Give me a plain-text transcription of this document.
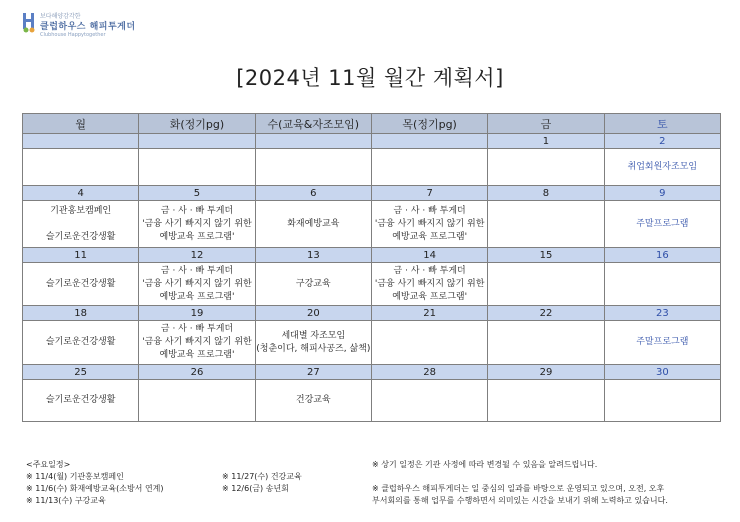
보다해양감각한
클럽하우스 해피투게더
Clubhouse Happytogether
[2024년 11월 월간 계획서]
월	화(정기pg)	수(교육&자조모임)	목(정기pg)	금	토
				1	2

					취업회원자조모임

4	5	6	7	8	9

기관홍보캠페인

슬기로운건강생활	금 · 사 · 빠 투게더
'금융 사기 빠지지 않기 위한
예방교육 프로그램'	화재예방교육	금 · 사 · 빠 투게더
'금융 사기 빠지지 않기 위한
예방교육 프로그램'		주말프로그램

11	12	13	14	15	16

슬기로운건강생활	금 · 사 · 빠 투게더
'금융 사기 빠지지 않기 위한
예방교육 프로그램'	구강교육	금 · 사 · 빠 투게더
'금융 사기 빠지지 않기 위한
예방교육 프로그램'		

18	19	20	21	22	23

슬기로운건강생활	금 · 사 · 빠 투게더
'금융 사기 빠지지 않기 위한
예방교육 프로그램'	세대별 자조모임
(청춘이다, 해피사공즈, 삶책)			주말프로그램

25	26	27	28	29	30

슬기로운건강생활		건강교육			

<주요일정>
※ 11/4(월) 기관홍보캠페인
※ 11/6(수) 화재예방교육(소방서 연계)
※ 11/13(수) 구강교육
※ 11/27(수) 건강교육
※ 12/6(금) 송년회
※ 상기 일정은 기관 사정에 따라 변경될 수 있음을 알려드립니다.

※ 클럽하우스 해피투게더는 일 중심의 일과를 바탕으로 운영되고 있으며, 오전, 오후
부서회의를 통해 업무를 수행하면서 의미있는 시간을 보내기 위해 노력하고 있습니다.
